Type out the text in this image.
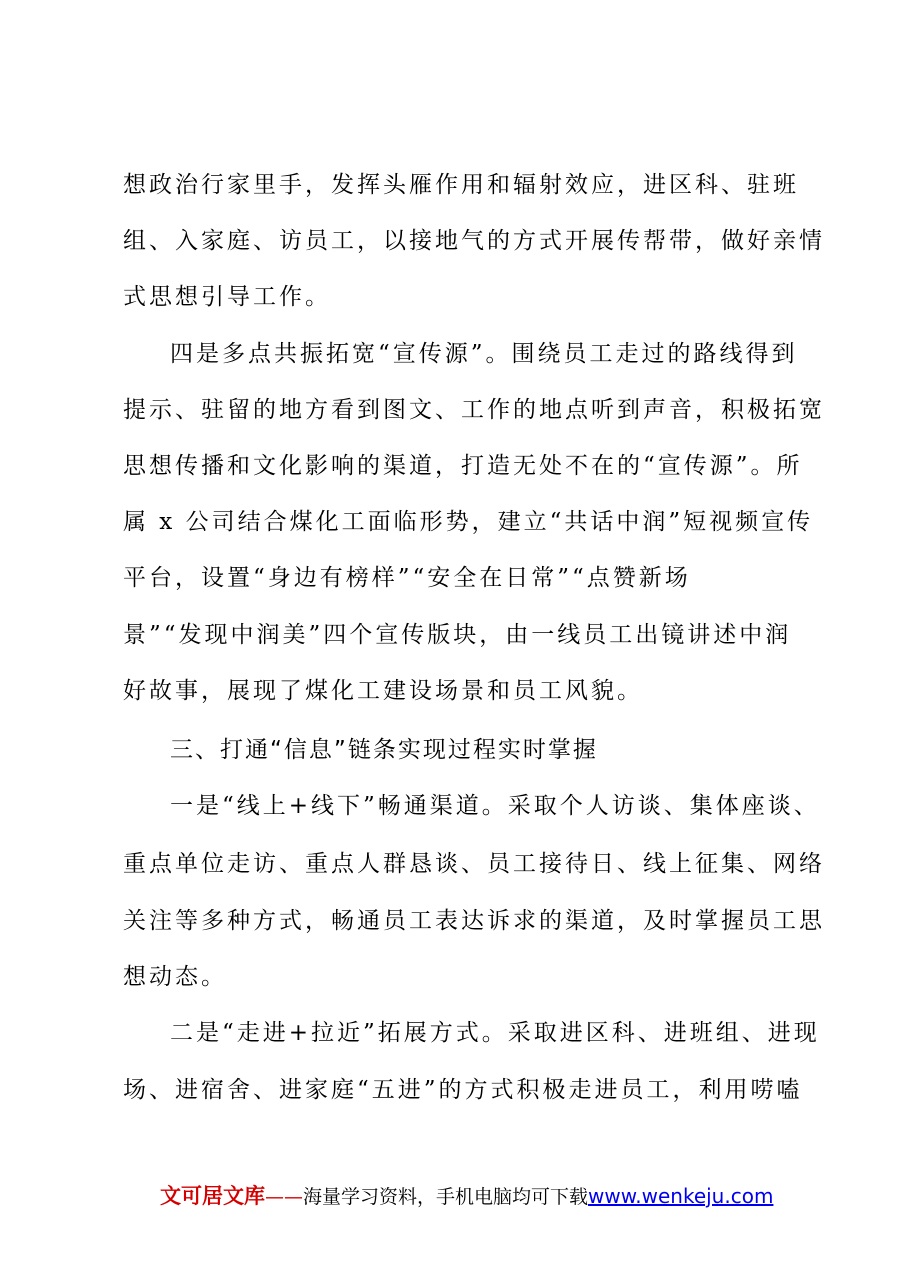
想政治行家里手，发挥头雁作用和辐射效应，进区科、驻班
组、入家庭、访员工，以接地气的方式开展传帮带，做好亲情
式思想引导工作。
四是多点共振拓宽“宣传源”。围绕员工走过的路线得到
提示、驻留的地方看到图文、工作的地点听到声音，积极拓宽
思想传播和文化影响的渠道，打造无处不在的“宣传源”。所
属 x 公司结合煤化工面临形势，建立“共话中润”短视频宣传
平台，设置“身边有榜样”“安全在日常”“点赞新场
景”“发现中润美”四个宣传版块，由一线员工出镜讲述中润
好故事，展现了煤化工建设场景和员工风貌。
三、打通“信息”链条实现过程实时掌握
一是“线上+线下”畅通渠道。采取个人访谈、集体座谈、
重点单位走访、重点人群恳谈、员工接待日、线上征集、网络
关注等多种方式，畅通员工表达诉求的渠道，及时掌握员工思
想动态。
二是“走进+拉近”拓展方式。采取进区科、进班组、进现
场、进宿舍、进家庭“五进”的方式积极走进员工，利用唠嗑
文可居文库——海量学习资料，手机电脑均可下载www.wenkeju.com
